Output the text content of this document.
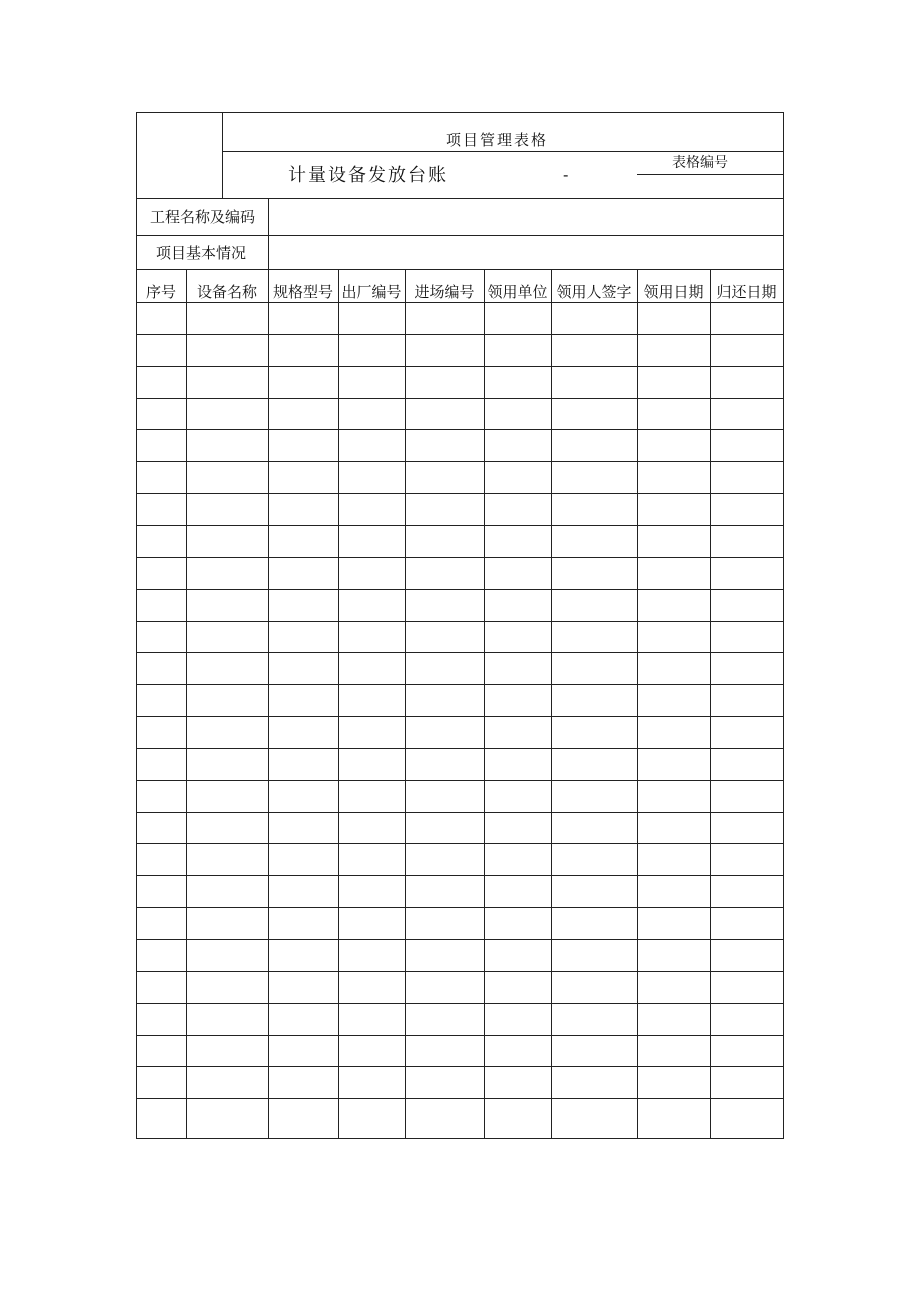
项目管理表格
计量设备发放台账	-
表格编号
工程名称及编码
项目基本情况
序号	设备名称	规格型号 出厂编号 进场编号 领用单位 领用人签字 领用日期 归还日期
